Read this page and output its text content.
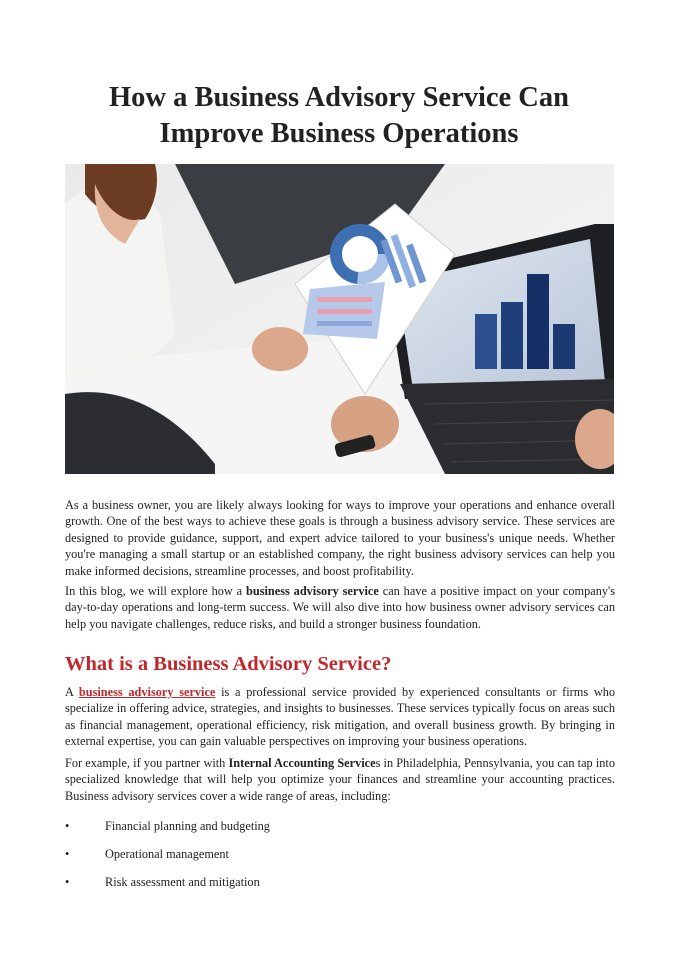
How a Business Advisory Service Can
Improve Business Operations

As a business owner, you are likely always looking for ways to improve your operations and enhance overall growth. One of the best ways to achieve these goals is through a business advisory service. These services are designed to provide guidance, support, and expert advice tailored to your business's unique needs. Whether you're managing a small startup or an established company, the right business advisory services can help you make informed decisions, streamline processes, and boost profitability.

In this blog, we will explore how a business advisory service can have a positive impact on your company's day-to-day operations and long-term success. We will also dive into how business owner advisory services can help you navigate challenges, reduce risks, and build a stronger business foundation.

What is a Business Advisory Service?

A business advisory service is a professional service provided by experienced consultants or firms who specialize in offering advice, strategies, and insights to businesses. These services typically focus on areas such as financial management, operational efficiency, risk mitigation, and overall business growth. By bringing in external expertise, you can gain valuable perspectives on improving your business operations.

For example, if you partner with Internal Accounting Services in Philadelphia, Pennsylvania, you can tap into specialized knowledge that will help you optimize your finances and streamline your accounting practices. Business advisory services cover a wide range of areas, including:

•	Financial planning and budgeting
•	Operational management
•	Risk assessment and mitigation
